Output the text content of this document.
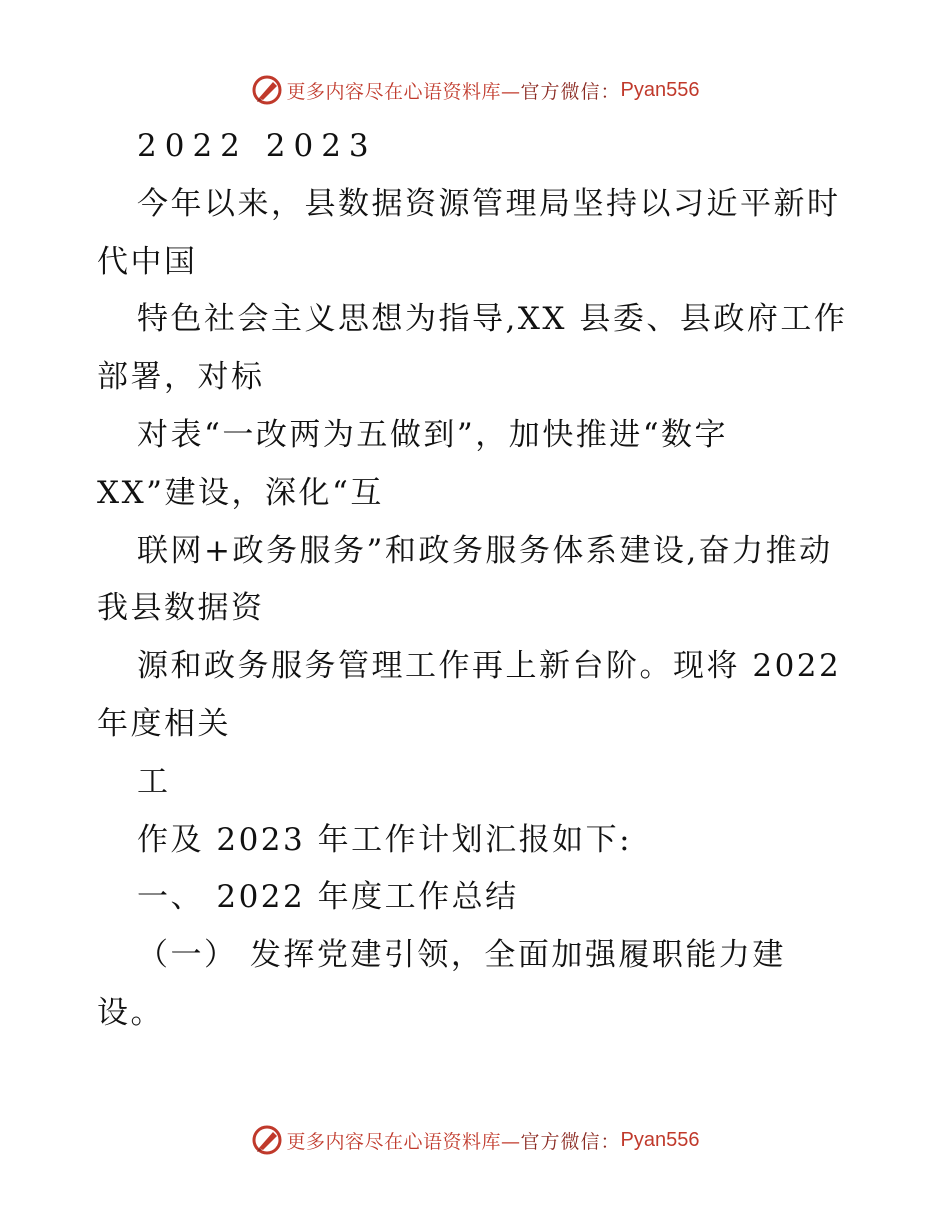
更多内容尽在心语资料库— 官方微信： Pyan556
2022 2023
今年以来，县数据资源管理局坚持以习近平新时
代中国
特色社会主义思想为指导,XX 县委、县政府工作
部署，对标
对表“一改两为五做到”，加快推进“数字
XX”建设，深化“互
联网+政务服务”和政务服务体系建设,奋力推动
我县数据资
源和政务服务管理工作再上新台阶。现将 2022
年度相关
工
作及 2023 年工作计划汇报如下:
一、 2022 年度工作总结
（一） 发挥党建引领，全面加强履职能力建
设。
更多内容尽在心语资料库— 官方微信： Pyan556
